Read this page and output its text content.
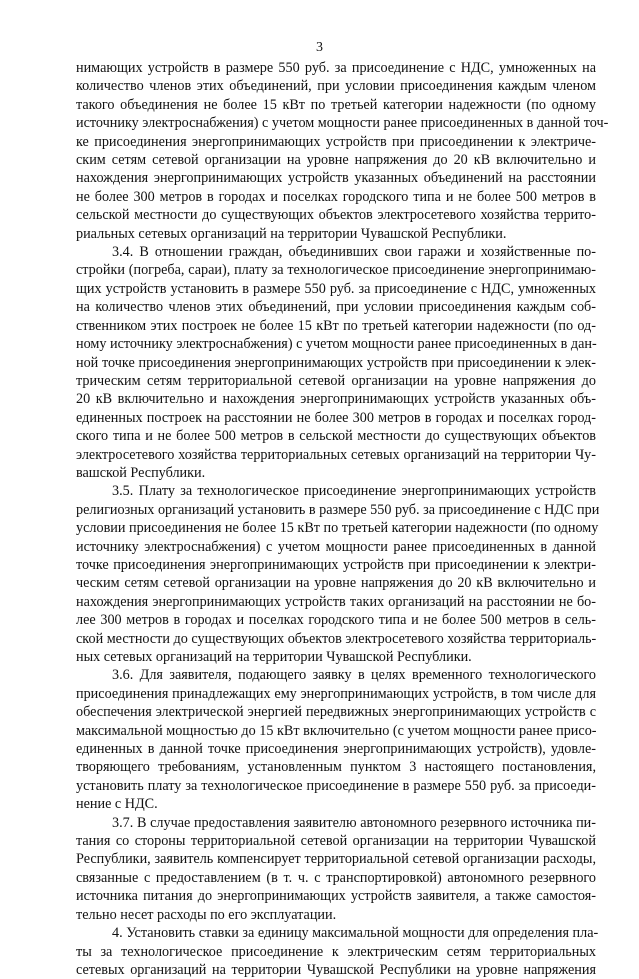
3
нимающих устройств в размере 550 руб. за присоединение с НДС, умноженных на
количество членов этих объединений, при условии присоединения каждым членом
такого объединения не более 15 кВт по третьей категории надежности (по одному
источнику электроснабжения) с учетом мощности ранее присоединенных в данной точ-
ке присоединения энергопринимающих устройств при присоединении к электриче-
ским сетям сетевой организации на уровне напряжения до 20 кВ включительно и
нахождения энергопринимающих устройств указанных объединений на расстоянии
не более 300 метров в городах и поселках городского типа и не более 500 метров в
сельской местности до существующих объектов электросетевого хозяйства террито-
риальных сетевых организаций на территории Чувашской Республики.
3.4. В отношении граждан, объединивших свои гаражи и хозяйственные по-
стройки (погреба, сараи), плату за технологическое присоединение энергопринимаю-
щих устройств установить в размере 550 руб. за присоединение с НДС, умноженных
на количество членов этих объединений, при условии присоединения каждым соб-
ственником этих построек не более 15 кВт по третьей категории надежности (по од-
ному источнику электроснабжения) с учетом мощности ранее присоединенных в дан-
ной точке присоединения энергопринимающих устройств при присоединении к элек-
трическим сетям территориальной сетевой организации на уровне напряжения до
20 кВ включительно и нахождения энергопринимающих устройств указанных объ-
единенных построек на расстоянии не более 300 метров в городах и поселках город-
ского типа и не более 500 метров в сельской местности до существующих объектов
электросетевого хозяйства территориальных сетевых организаций на территории Чу-
вашской Республики.
3.5. Плату за технологическое присоединение энергопринимающих устройств
религиозных организаций установить в размере 550 руб. за присоединение с НДС при
условии присоединения не более 15 кВт по третьей категории надежности (по одному
источнику электроснабжения) с учетом мощности ранее присоединенных в данной
точке присоединения энергопринимающих устройств при присоединении к электри-
ческим сетям сетевой организации на уровне напряжения до 20 кВ включительно и
нахождения энергопринимающих устройств таких организаций на расстоянии не бо-
лее 300 метров в городах и поселках городского типа и не более 500 метров в сель-
ской местности до существующих объектов электросетевого хозяйства территориаль-
ных сетевых организаций на территории Чувашской Республики.
3.6. Для заявителя, подающего заявку в целях временного технологического
присоединения принадлежащих ему энергопринимающих устройств, в том числе для
обеспечения электрической энергией передвижных энергопринимающих устройств с
максимальной мощностью до 15 кВт включительно (с учетом мощности ранее присо-
единенных в данной точке присоединения энергопринимающих устройств), удовле-
творяющего требованиям, установленным пунктом 3 настоящего постановления,
установить плату за технологическое присоединение в размере 550 руб. за присоеди-
нение с НДС.
3.7. В случае предоставления заявителю автономного резервного источника пи-
тания со стороны территориальной сетевой организации на территории Чувашской
Республики, заявитель компенсирует территориальной сетевой организации расходы,
связанные с предоставлением (в т. ч. с транспортировкой) автономного резервного
источника питания до энергопринимающих устройств заявителя, а также самостоя-
тельно несет расходы по его эксплуатации.
4. Установить ставки за единицу максимальной мощности для определения пла-
ты за технологическое присоединение к электрическим сетям территориальных
сетевых организаций на территории Чувашской Республики на уровне напряжения
